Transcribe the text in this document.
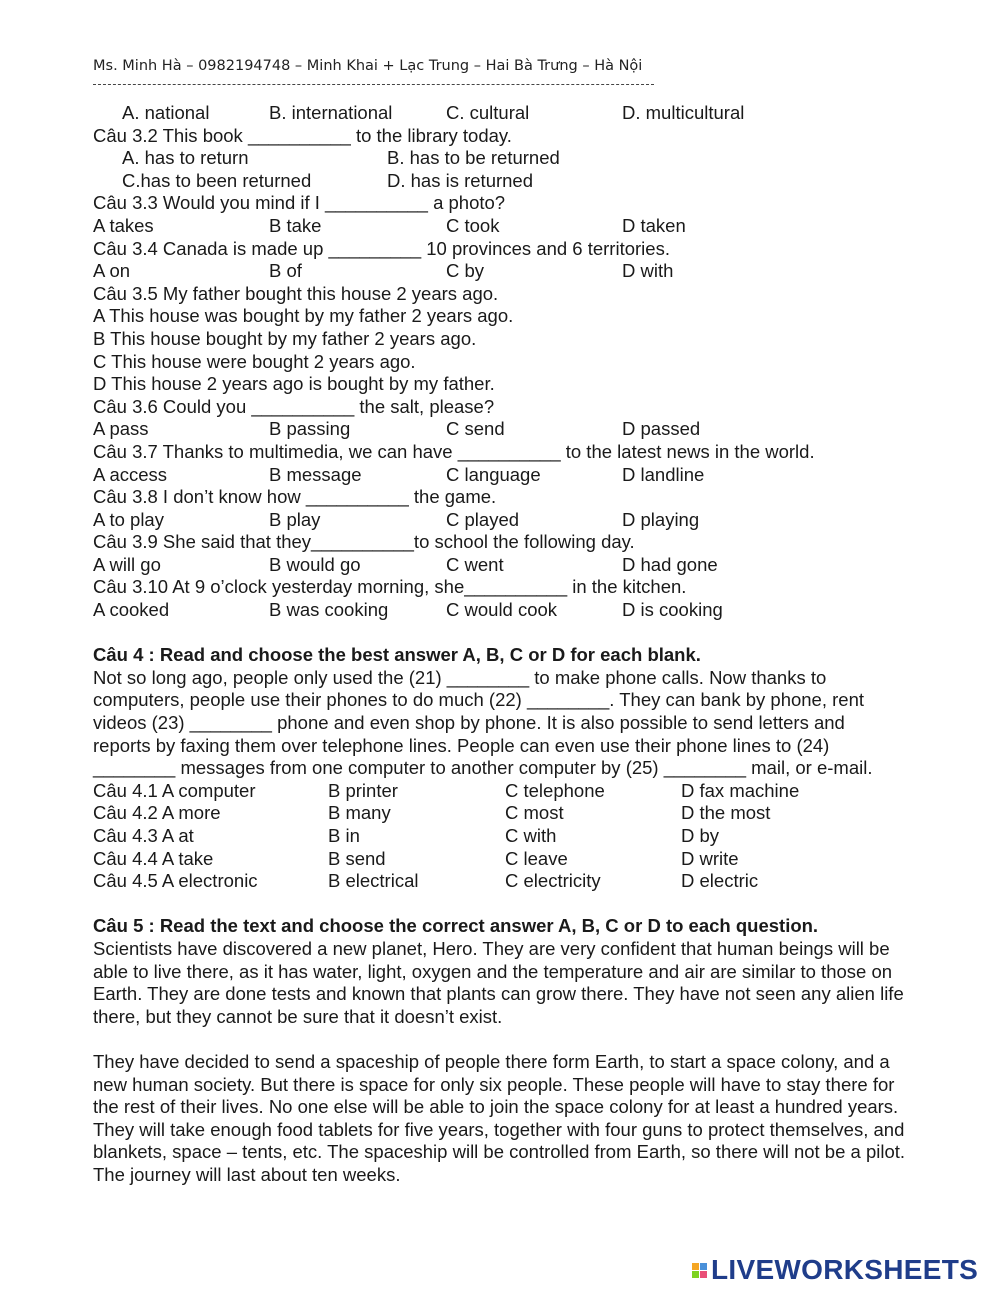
Ms. Minh Hà – 0982194748 – Minh Khai + Lạc Trung – Hai Bà Trưng – Hà Nội
A. national	B. international	C. cultural	D. multicultural
Câu 3.2 This book __________ to the library today.
A. has to return	B. has to be returned
C.has to been returned	D. has is returned
Câu 3.3 Would you mind if I __________ a photo?
A takes	B take	C took	D taken
Câu 3.4 Canada is made up _________ 10 provinces and 6 territories.
A on	B of	C by	D with
Câu 3.5 My father bought this house 2 years ago.
A This house was bought by my father 2 years ago.
B This house bought by my father 2 years ago.
C This house were bought 2 years ago.
D This house 2 years ago is bought by my father.
Câu 3.6 Could you __________ the salt, please?
A pass	B passing	C send	D passed
Câu 3.7 Thanks to multimedia, we can have __________ to the latest news in the world.
A access	B message	C language	D landline
Câu 3.8 I don’t know how __________ the game.
A to play	B play	C played	D playing
Câu 3.9 She said that they__________to school the following day.
A will go	B would go	C went	D had gone
Câu 3.10 At 9 o’clock yesterday morning, she__________ in the kitchen.
A cooked	B was cooking	C would cook	D is cooking
Câu 4 : Read and choose the best answer A, B, C or D for each blank.
Not so long ago, people only used the (21) ________ to make phone calls. Now thanks to
computers, people use their phones to do much (22) ________. They can bank by phone, rent
videos (23) ________ phone and even shop by phone. It is also possible to send letters and
reports by faxing them over telephone lines. People can even use their phone lines to (24)
________ messages from one computer to another computer by (25) ________ mail, or e-mail.
Câu 4.1 A computer	B printer	C telephone	D fax machine
Câu 4.2 A more	B many	C most	D the most
Câu 4.3 A at	B in	C with	D by
Câu 4.4 A take	B send	C leave	D write
Câu 4.5 A electronic	B electrical	C electricity	D electric
Câu 5 : Read the text and choose the correct answer A, B, C or D to each question.
Scientists have discovered a new planet, Hero. They are very confident that human beings will be
able to live there, as it has water, light, oxygen and the temperature and air are similar to those on
Earth. They are done tests and known that plants can grow there. They have not seen any alien life
there, but they cannot be sure that it doesn’t exist.
They have decided to send a spaceship of people there form Earth, to start a space colony, and a
new human society. But there is space for only six people. These people will have to stay there for
the rest of their lives. No one else will be able to join the space colony for at least a hundred years.
They will take enough food tablets for five years, together with four guns to protect themselves, and
blankets, space – tents, etc. The spaceship will be controlled from Earth, so there will not be a pilot.
The journey will last about ten weeks.
LIVEWORKSHEETS
